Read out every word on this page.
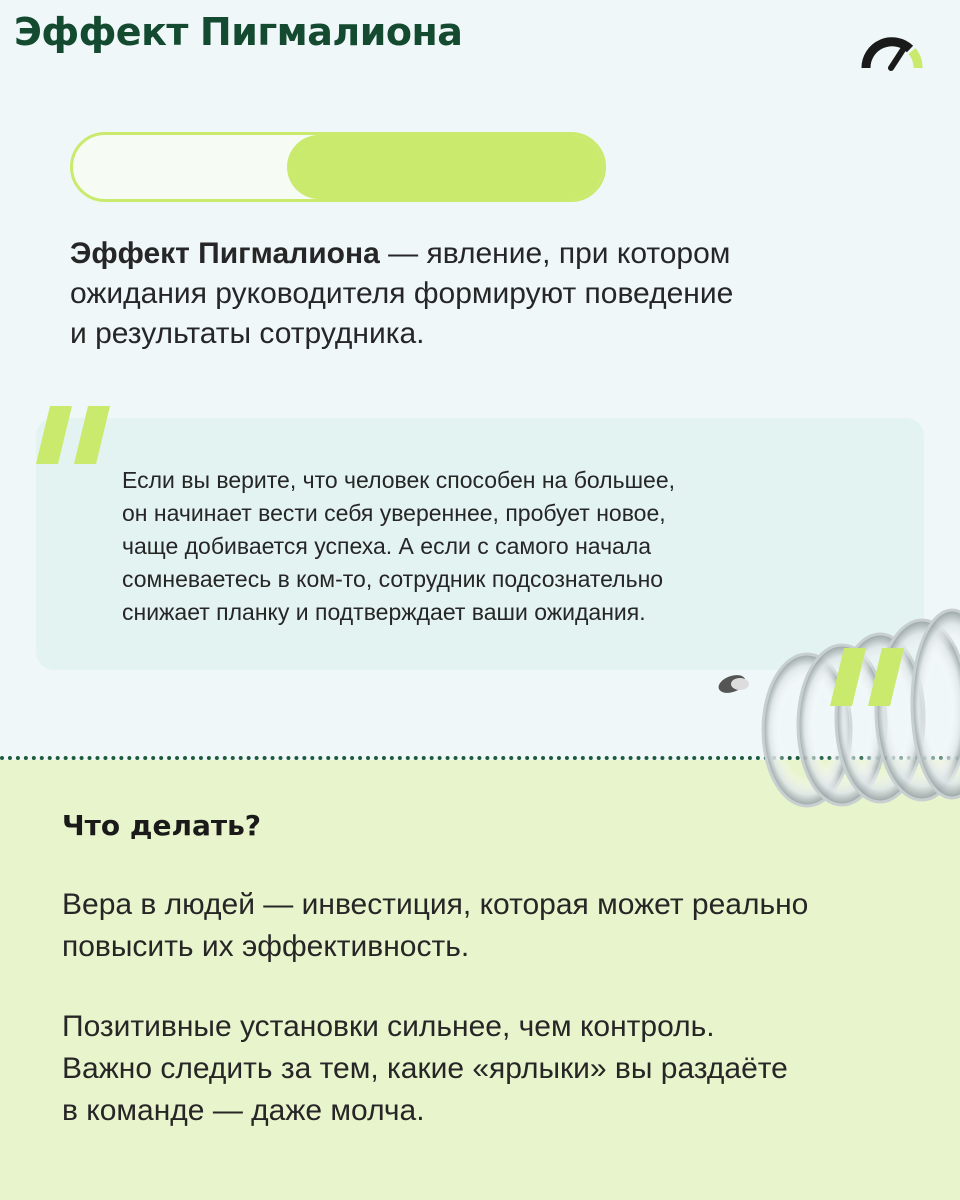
Эффект Пигмалиона
Эффект Пигмалиона — явление, при котором
ожидания руководителя формируют поведение
и результаты сотрудника.
Если вы верите, что человек способен на большее,
он начинает вести себя увереннее, пробует новое,
чаще добивается успеха. А если с самого начала
сомневаетесь в ком-то, сотрудник подсознательно
снижает планку и подтверждает ваши ожидания.
Что делать?
Вера в людей — инвестиция, которая может реально
повысить их эффективность.
Позитивные установки сильнее, чем контроль.
Важно следить за тем, какие «ярлыки» вы раздаёте
в команде — даже молча.
